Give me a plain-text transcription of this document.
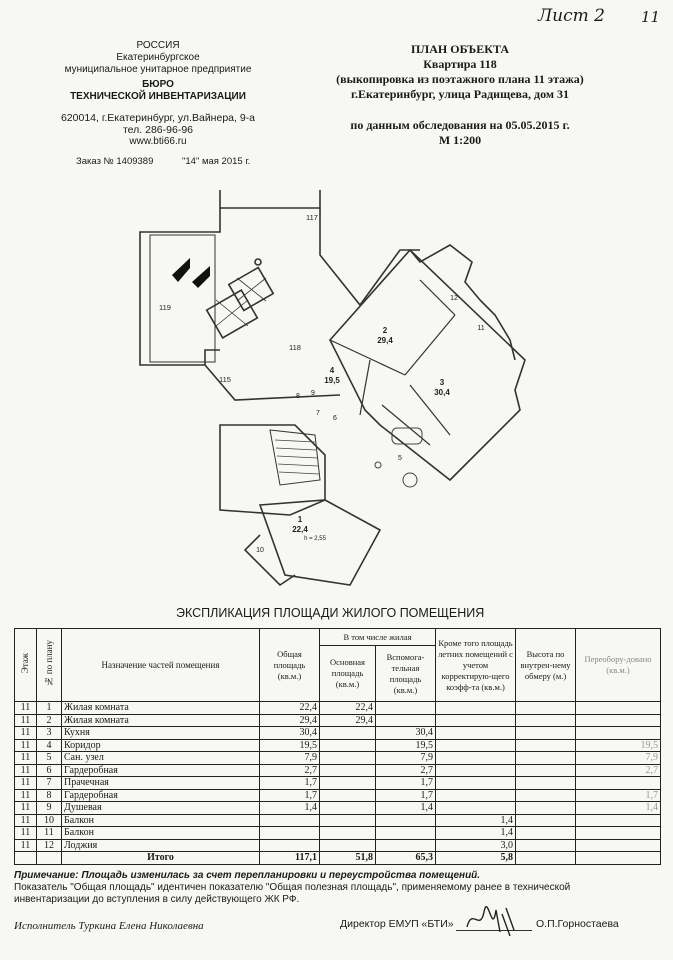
Лист 2 11
РОССИЯ
Екатеринбургское
муниципальное унитарное предприятие
БЮРО
ТЕХНИЧЕСКОЙ ИНВЕНТАРИЗАЦИИ
620014, г.Екатеринбург, ул.Вайнера, 9-а
тел. 286-96-96
www.bti66.ru
Заказ № 1409389	"14" мая 2015 г.
ПЛАН ОБЪЕКТА
Квартира 118
(выкопировка из поэтажного плана 11 этажа)
г.Екатеринбург, улица Радищева, дом 31
по данным обследования на 05.05.2015 г.
М 1:200
117
118
119
115
2
29,4
3
30,4
4
19,5
1
22,4
h = 2,55
5
6
7
8 9
10
11
12
ЭКСПЛИКАЦИЯ ПЛОЩАДИ ЖИЛОГО ПОМЕЩЕНИЯ
Этаж	№ по плану	Назначение частей помещения	Общая площадь (кв.м.)	В том числе жилая		Кроме того площадь летних помещений с учетом корректирую-щего коэфф-та (кв.м.)	Высота по внутрен-нему обмеру (м.)	Переобору-довано (кв.м.)
				Основная площадь (кв.м.)	Вспомога-тельная площадь (кв.м.)			
11	1	Жилая комната	22,4	22,4				
11	2	Жилая комната	29,4	29,4				
11	3	Кухня	30,4		30,4			
11	4	Коридор	19,5		19,5			19,5
11	5	Сан. узел	7,9		7,9			7,9
11	6	Гардеробная	2,7		2,7			2,7
11	7	Прачечная	1,7		1,7			
11	8	Гардеробная	1,7		1,7			1,7
11	9	Душевая	1,4		1,4			1,4
11	10	Балкон				1,4		
11	11	Балкон				1,4		
11	12	Лоджия				3,0		
		Итого	117,1	51,8	65,3	5,8		
Примечание: Площадь изменилась за счет перепланировки и переустройства помещений.
Показатель "Общая площадь" идентичен показателю "Общая полезная площадь", применяемому ранее в технической
инвентаризации до вступления в силу действующего ЖК РФ.
Исполнитель Туркина Елена Николаевна	Директор ЕМУП «БТИ»	О.П.Горностаева
